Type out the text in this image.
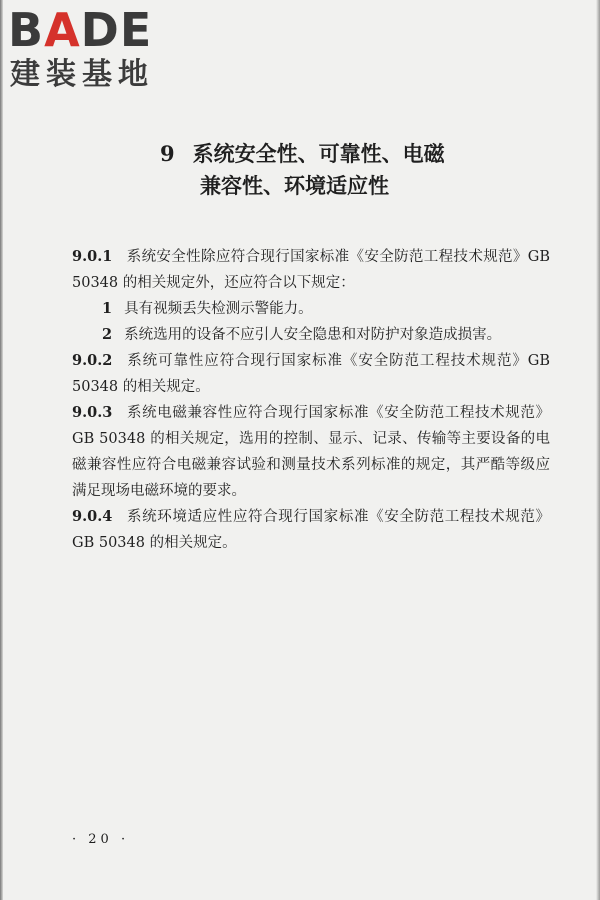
BADE
建装基地
9 系统安全性、可靠性、电磁
兼容性、环境适应性

9.0.1 系统安全性除应符合现行国家标准《安全防范工程技术规范》GB 50348 的相关规定外，还应符合以下规定：

1 具有视频丢失检测示警能力。

2 系统选用的设备不应引人安全隐患和对防护对象造成损害。

9.0.2 系统可靠性应符合现行国家标准《安全防范工程技术规范》GB 50348 的相关规定。

9.0.3 系统电磁兼容性应符合现行国家标准《安全防范工程技术规范》GB 50348 的相关规定，选用的控制、显示、记录、传输等主要设备的电磁兼容性应符合电磁兼容试验和测量技术系列标准的规定，其严酷等级应满足现场电磁环境的要求。

9.0.4 系统环境适应性应符合现行国家标准《安全防范工程技术规范》GB 50348 的相关规定。

· 20 ·
